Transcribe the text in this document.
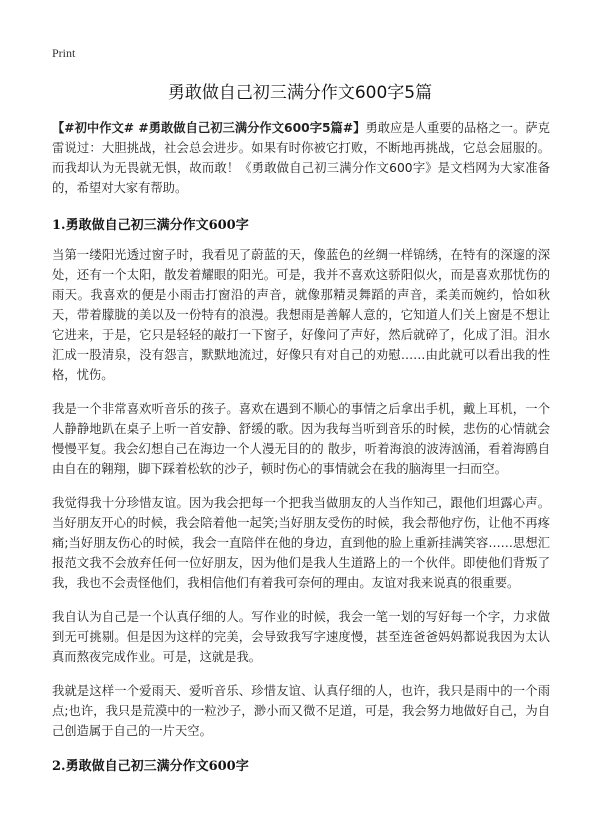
Print
勇敢做自己初三满分作文600字5篇

【#初中作文# #勇敢做自己初三满分作文600字5篇#】勇敢应是人重要的品格之一。萨克雷说过：大胆挑战，社会总会进步。如果有时你被它打败，不断地再挑战，它总会屈服的。而我却认为无畏就无惧，故而敢！《勇敢做自己初三满分作文600字》是文档网为大家准备的，希望对大家有帮助。

1.勇敢做自己初三满分作文600字

当第一缕阳光透过窗子时，我看见了蔚蓝的天，像蓝色的丝绸一样锦绣，在特有的深邃的深处，还有一个太阳，散发着耀眼的阳光。可是，我并不喜欢这骄阳似火，而是喜欢那忧伤的雨天。我喜欢的便是小雨击打窗沿的声音，就像那精灵舞蹈的声音，柔美而婉约，恰如秋天，带着朦胧的美以及一份特有的浪漫。我想雨是善解人意的，它知道人们关上窗是不想让它进来，于是，它只是轻轻的敲打一下窗子，好像问了声好，然后就碎了，化成了泪。泪水汇成一股清泉，没有怨言，默默地流过，好像只有对自己的劝慰……由此就可以看出我的性格，忧伤。

我是一个非常喜欢听音乐的孩子。喜欢在遇到不顺心的事情之后拿出手机，戴上耳机，一个人静静地趴在桌子上听一首安静、舒缓的歌。因为我每当听到音乐的时候，悲伤的心情就会慢慢平复。我会幻想自己在海边一个人漫无目的的 散步，听着海浪的波涛汹涌，看着海鸥自由自在的翱翔，脚下踩着松软的沙子，顿时伤心的事情就会在我的脑海里一扫而空。

我觉得我十分珍惜友谊。因为我会把每一个把我当做朋友的人当作知己，跟他们坦露心声。当好朋友开心的时候，我会陪着他一起笑;当好朋友受伤的时候，我会帮他疗伤，让他不再疼痛;当好朋友伤心的时候，我会一直陪伴在他的身边，直到他的脸上重新挂满笑容……思想汇报范文我不会放弃任何一位好朋友，因为他们是我人生道路上的一个伙伴。即使他们背叛了我，我也不会责怪他们，我相信他们有着我可奈何的理由。友谊对我来说真的很重要。

我自认为自己是一个认真仔细的人。写作业的时候，我会一笔一划的写好每一个字，力求做到无可挑剔。但是因为这样的完美，会导致我写字速度慢，甚至连爸爸妈妈都说我因为太认真而熬夜完成作业。可是，这就是我。

我就是这样一个爱雨天、爱听音乐、珍惜友谊、认真仔细的人，也许，我只是雨中的一个雨点;也许，我只是荒漠中的一粒沙子，渺小而又微不足道，可是，我会努力地做好自己，为自己创造属于自己的一片天空。

2.勇敢做自己初三满分作文600字
